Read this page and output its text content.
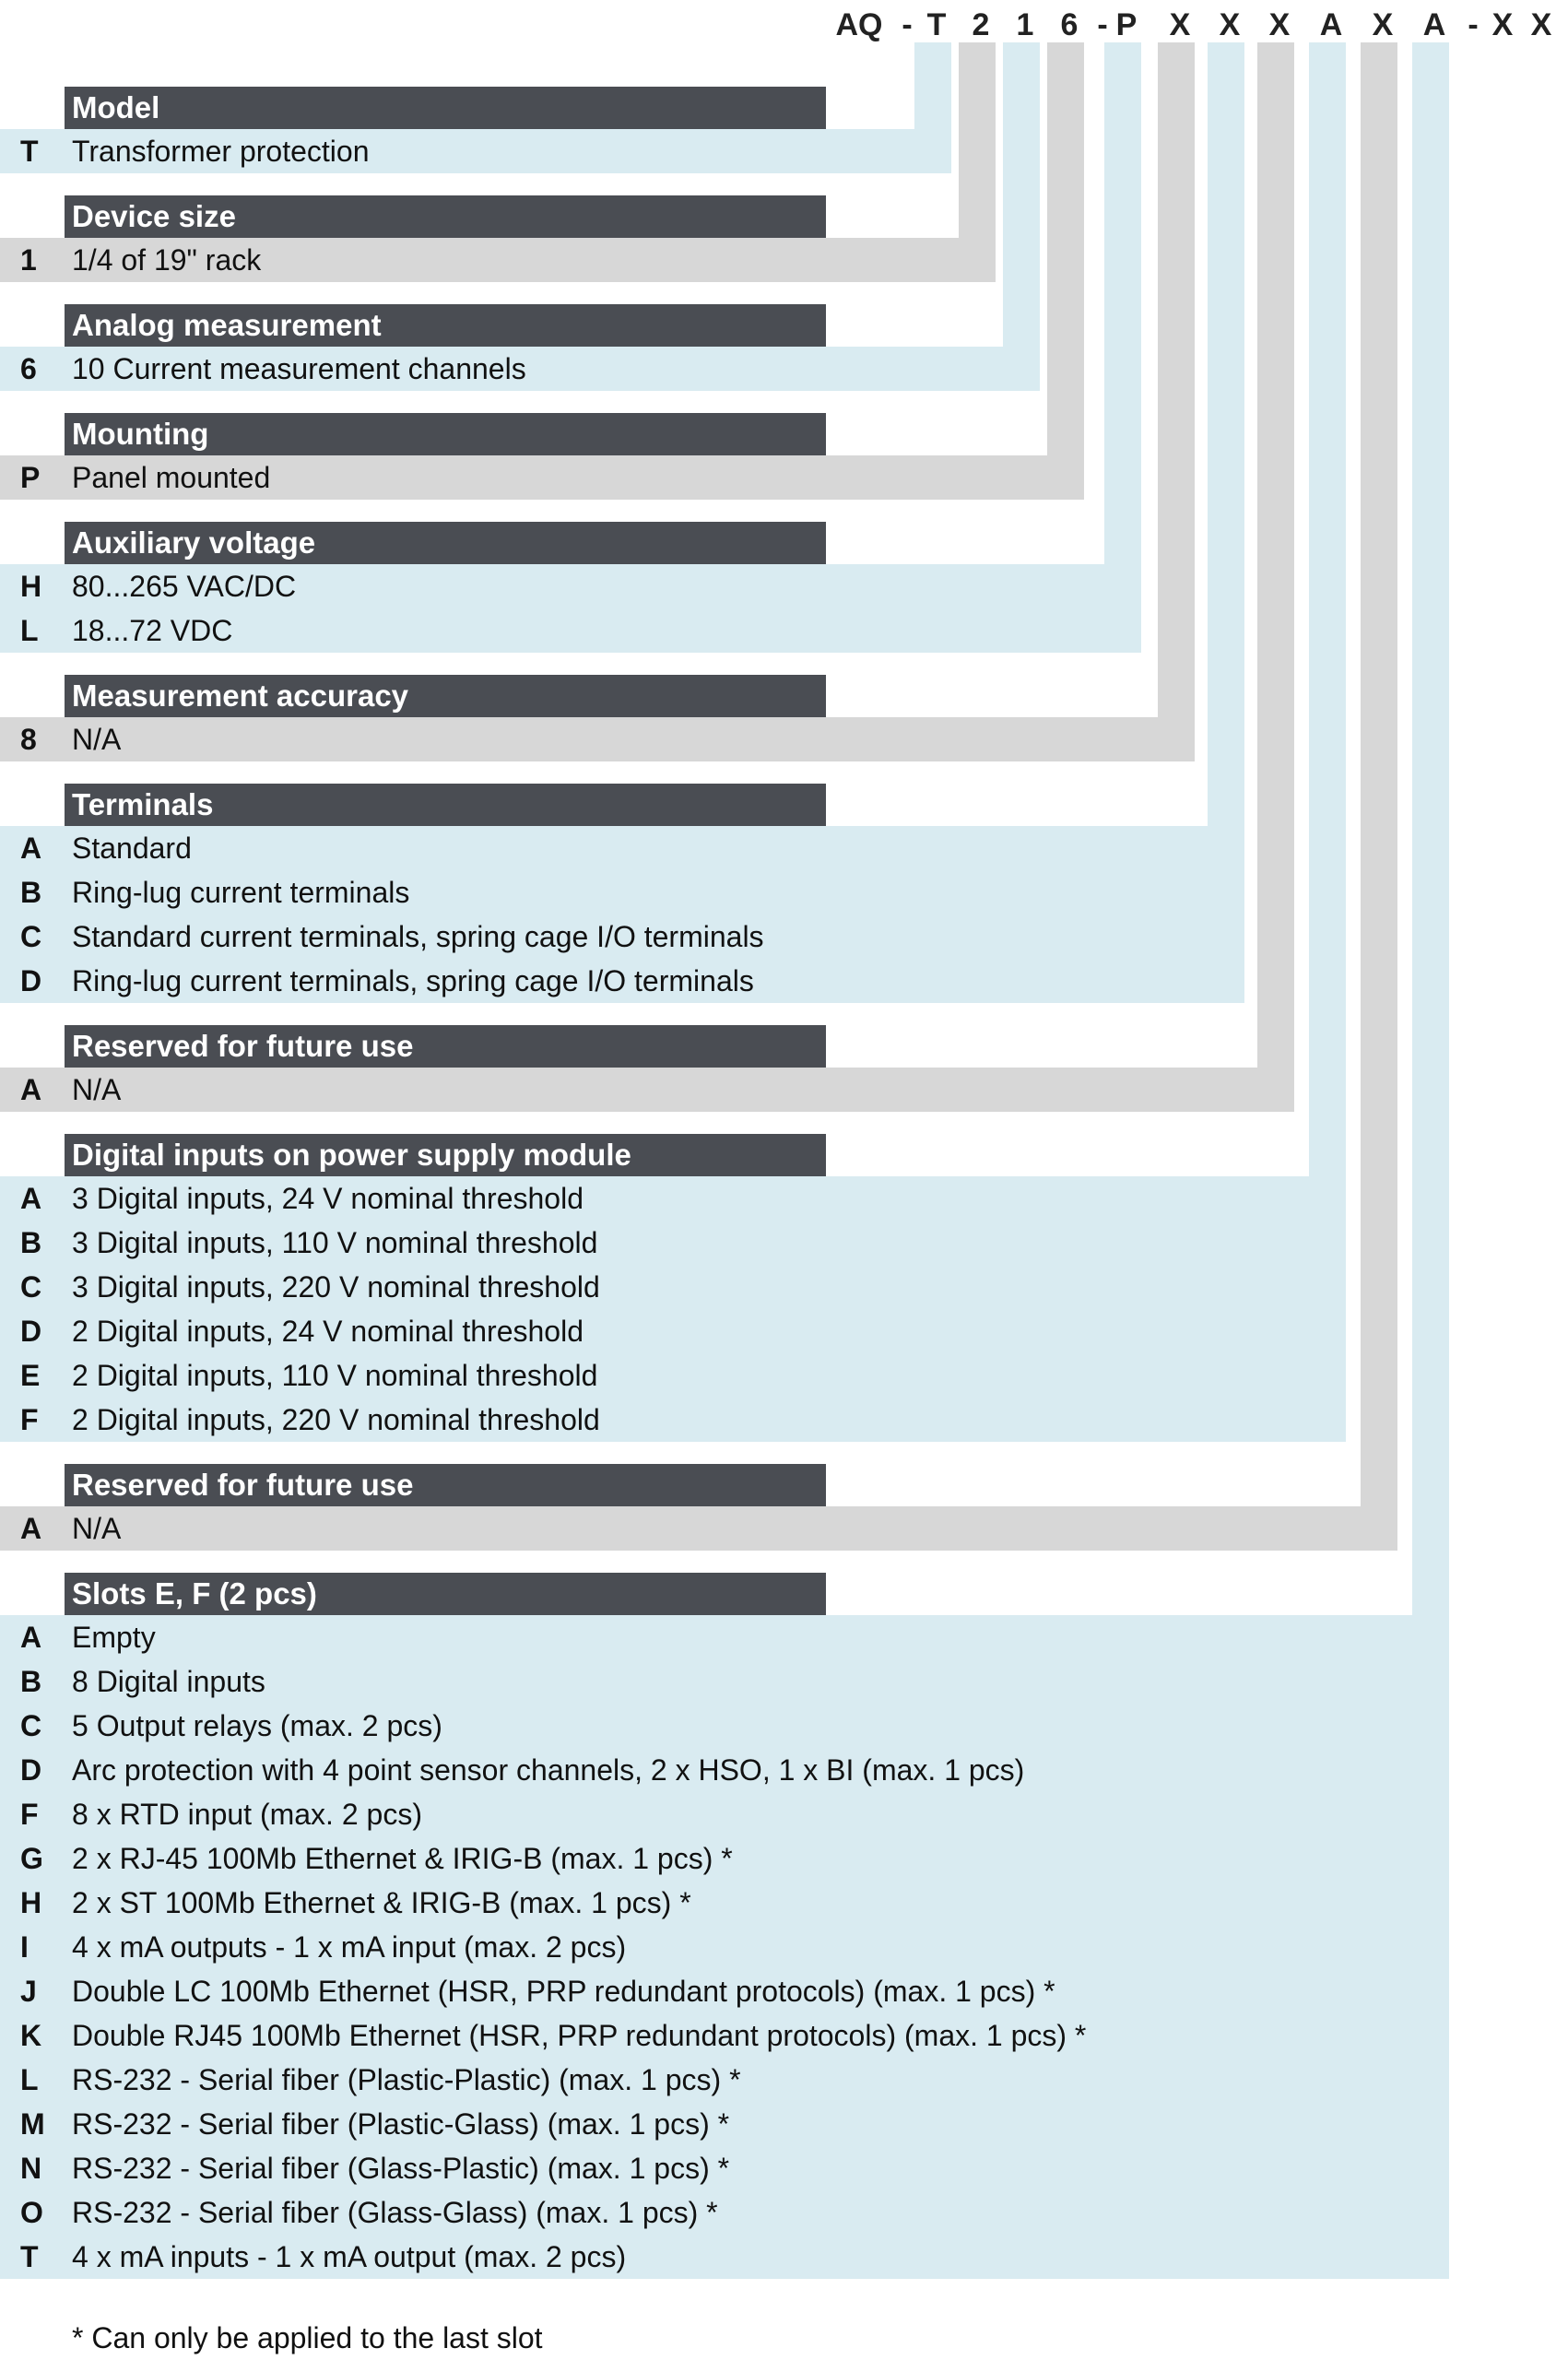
AQ - T 2 1 6 - P X X X A X A - X X
Model
T	Transformer protection
Device size
1	1/4 of 19" rack
Analog measurement
6	10 Current measurement channels
Mounting
P Panel mounted
Auxiliary voltage
H 80...265 VAC/DC
L	18...72 VDC
Measurement accuracy
8	N/A
Terminals
A Standard
B Ring-lug current terminals
C Standard current terminals, spring cage I/O terminals
D Ring-lug current terminals, spring cage I/O terminals
Reserved for future use
A N/A
Digital inputs on power supply module
A 3 Digital inputs, 24 V nominal threshold
B 3 Digital inputs, 110 V nominal threshold
C 3 Digital inputs, 220 V nominal threshold
D 2 Digital inputs, 24 V nominal threshold
E 2 Digital inputs, 110 V nominal threshold
F	2 Digital inputs, 220 V nominal threshold
Reserved for future use
A N/A
Slots E, F (2 pcs)
A Empty
B 8 Digital inputs
C 5 Output relays (max. 2 pcs)
D Arc protection with 4 point sensor channels, 2 x HSO, 1 x BI (max. 1 pcs)
F	8 x RTD input (max. 2 pcs)
G 2 x RJ-45 100Mb Ethernet & IRIG-B (max. 1 pcs) *
H 2 x ST 100Mb Ethernet & IRIG-B (max. 1 pcs) *
I	4 x mA outputs - 1 x mA input (max. 2 pcs)
J	Double LC 100Mb Ethernet (HSR, PRP redundant protocols) (max. 1 pcs) *
K Double RJ45 100Mb Ethernet (HSR, PRP redundant protocols) (max. 1 pcs) *
L	RS-232 - Serial fiber (Plastic-Plastic) (max. 1 pcs) *
M RS-232 - Serial fiber (Plastic-Glass) (max. 1 pcs) *
N RS-232 - Serial fiber (Glass-Plastic) (max. 1 pcs) *
O RS-232 - Serial fiber (Glass-Glass) (max. 1 pcs) *
T	4 x mA inputs - 1 x mA output (max. 2 pcs)
* Can only be applied to the last slot
